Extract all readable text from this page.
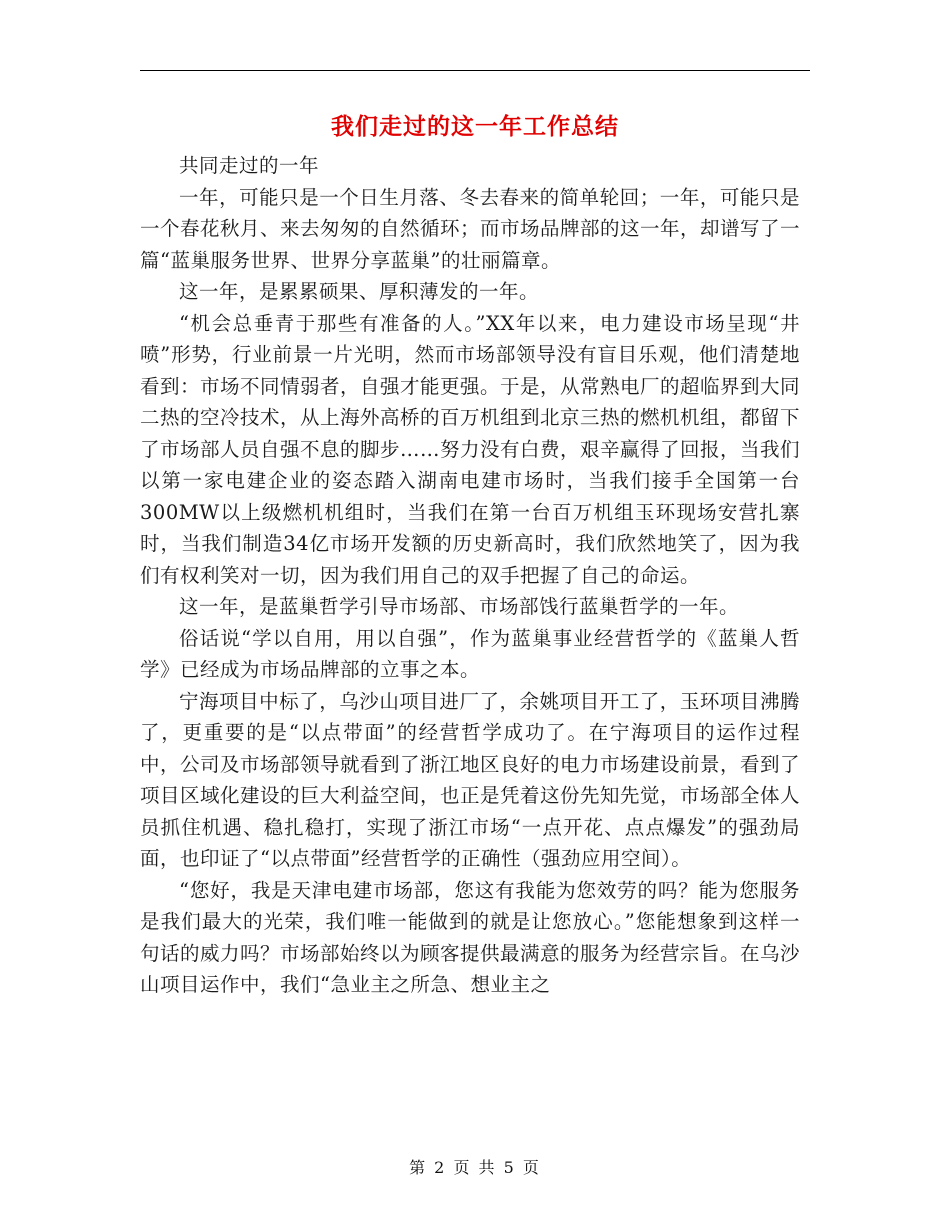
我们走过的这一年工作总结

共同走过的一年

一年，可能只是一个日生月落、冬去春来的简单轮回；一年，可能只是一个春花秋月、来去匆匆的自然循环；而市场品牌部的这一年，却谱写了一篇“蓝巢服务世界、世界分享蓝巢”的壮丽篇章。

这一年，是累累硕果、厚积薄发的一年。

“机会总垂青于那些有准备的人。”XX年以来，电力建设市场呈现“井喷”形势，行业前景一片光明，然而市场部领导没有盲目乐观，他们清楚地看到：市场不同情弱者，自强才能更强。于是，从常熟电厂的超临界到大同二热的空冷技术，从上海外高桥的百万机组到北京三热的燃机机组，都留下了市场部人员自强不息的脚步……努力没有白费，艰辛赢得了回报，当我们以第一家电建企业的姿态踏入湖南电建市场时，当我们接手全国第一台300MW以上级燃机机组时，当我们在第一台百万机组玉环现场安营扎寨时，当我们制造34亿市场开发额的历史新高时，我们欣然地笑了，因为我们有权利笑对一切，因为我们用自己的双手把握了自己的命运。

这一年，是蓝巢哲学引导市场部、市场部饯行蓝巢哲学的一年。

俗话说“学以自用，用以自强”，作为蓝巢事业经营哲学的《蓝巢人哲学》已经成为市场品牌部的立事之本。

宁海项目中标了，乌沙山项目进厂了，余姚项目开工了，玉环项目沸腾了，更重要的是“以点带面”的经营哲学成功了。在宁海项目的运作过程中，公司及市场部领导就看到了浙江地区良好的电力市场建设前景，看到了项目区域化建设的巨大利益空间，也正是凭着这份先知先觉，市场部全体人员抓住机遇、稳扎稳打，实现了浙江市场“一点开花、点点爆发”的强劲局面，也印证了“以点带面”经营哲学的正确性（强劲应用空间）。

“您好，我是天津电建市场部，您这有我能为您效劳的吗？能为您服务是我们最大的光荣，我们唯一能做到的就是让您放心。”您能想象到这样一句话的威力吗？市场部始终以为顾客提供最满意的服务为经营宗旨。在乌沙山项目运作中，我们“急业主之所急、想业主之

第 2 页 共 5 页
